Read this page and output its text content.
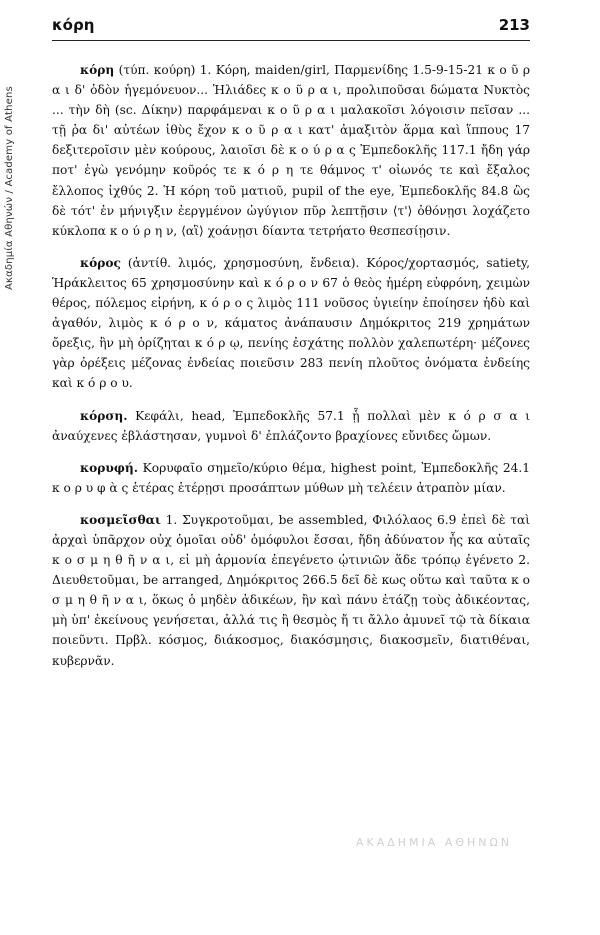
κόρη	213
Ακαδημία Αθηνών / Academy of Athens

κόρη (τύπ. κούρη) 1. Κόρη, maiden/girl, Παρμενίδης 1.5-9-15-21 κ ο ῦ ρ α ι δ' ὁδὸν ἡγεμόνευον... Ἡλιάδες κ ο ῦ ρ α ι, προλιποῦσαι δώματα Νυκτὸς ... τὴν δὴ (sc. Δίκην) παρφάμεναι κ ο ῦ ρ α ι μαλακοῖσι λόγοισιν πεῖσαν ... τῇ ῥα δι' αὐτέων ἰθὺς ἔχον κ ο ῦ ρ α ι κατ' ἀμαξιτὸν ἅρμα καὶ ἵππους 17 δεξιτεροῖσιν μὲν κούρους, λαιοῖσι δὲ κ ο ύ ρ α ς Ἐμπεδοκλῆς 117.1 ἤδη γάρ ποτ' ἐγὼ γενόμην κοῦρός τε κ ό ρ η τε θάμνος τ' οἰωνός τε καὶ ἔξαλος ἔλλοπος ἰχθύς 2. Ἡ κόρη τοῦ ματιοῦ, pupil of the eye, Ἐμπεδοκλῆς 84.8 ὣς δὲ τότ' ἐν μήνιγξιν ἐεργμένον ὠγύγιον πῦρ λεπτῇσιν ⟨τ'⟩ ὀθόνῃσι λοχάζετο κύκλοπα κ ο ύ ρ η ν, ⟨αἳ⟩ χοάνῃσι δίαντα τετρήατο θεσπεσίῃσιν.

κόρος (ἀντίθ. λιμός, χρησμοσύνη, ἔνδεια). Κόρος/χορτασμός, satiety, Ἡράκλειτος 65 χρησμοσύνην καὶ κ ό ρ ο ν 67 ὁ θεὸς ἡμέρη εὐφρόνη, χειμὼν θέρος, πόλεμος εἰρήνη, κ ό ρ ο ς λιμὸς 111 νοῦσος ὑγιείην ἐποίησεν ἡδὺ καὶ ἀγαθόν, λιμὸς κ ό ρ ο ν, κάματος ἀνάπαυσιν Δημόκριτος 219 χρημάτων ὄρεξις, ἢν μὴ ὁρίζηται κ ό ρ ῳ, πενίης ἐσχάτης πολλὸν χαλεπωτέρη· μέζονες γὰρ ὀρέξεις μέζονας ἐνδείας ποιεῦσιν 283 πενίη πλοῦτος ὀνόματα ἐνδείης καὶ κ ό ρ ο υ.

κόρση. Κεφάλι, head, Ἐμπεδοκλῆς 57.1 ᾗ πολλαὶ μὲν κ ό ρ σ α ι ἀναύχενες ἐβλάστησαν, γυμνοὶ δ' ἐπλάζοντο βραχίονες εὔνιδες ὤμων.

κορυφή. Κορυφαῖο σημεῖο/κύριο θέμα, highest point, Ἐμπεδοκλῆς 24.1 κ ο ρ υ φ ὰ ς ἑτέρας ἑτέρῃσι προσάπτων μύθων μὴ τελέειν ἀτραπὸν μίαν.

κοσμεῖσθαι 1. Συγκροτοῦμαι, be assembled, Φιλόλαος 6.9 ἐπεὶ δὲ ταὶ ἀρχαὶ ὑπᾶρχον οὐχ ὁμοῖαι οὐδ' ὁμόφυλοι ἔσσαι, ἤδη ἀδύνατον ἦς κα αὐταῖς κ ο σ μ η θ ῆ ν α ι, εἰ μὴ ἁρμονία ἐπεγένετο ᾡτινιῶν ἅδε τρόπῳ ἐγένετο 2. Διευθετοῦμαι, be arranged, Δημόκριτος 266.5 δεῖ δὲ κως οὕτω καὶ ταῦτα κ ο σ μ η θ ῆ ν α ι, ὅκως ὁ μηδὲν ἀδικέων, ἢν καὶ πάνυ ἐτάζῃ τοὺς ἀδικέοντας, μὴ ὑπ' ἐκείνους γενήσεται, ἀλλά τις ἢ θεσμὸς ἤ τι ἄλλο ἀμυνεῖ τῷ τὰ δίκαια ποιεῦντι. Πρβλ. κόσμος, διάκοσμος, διακόσμησις, διακοσμεῖν, διατιθέναι, κυβερνᾶν.

ΑΚΑΔΗΜΙΑ ΑΘΗΝΩΝ
